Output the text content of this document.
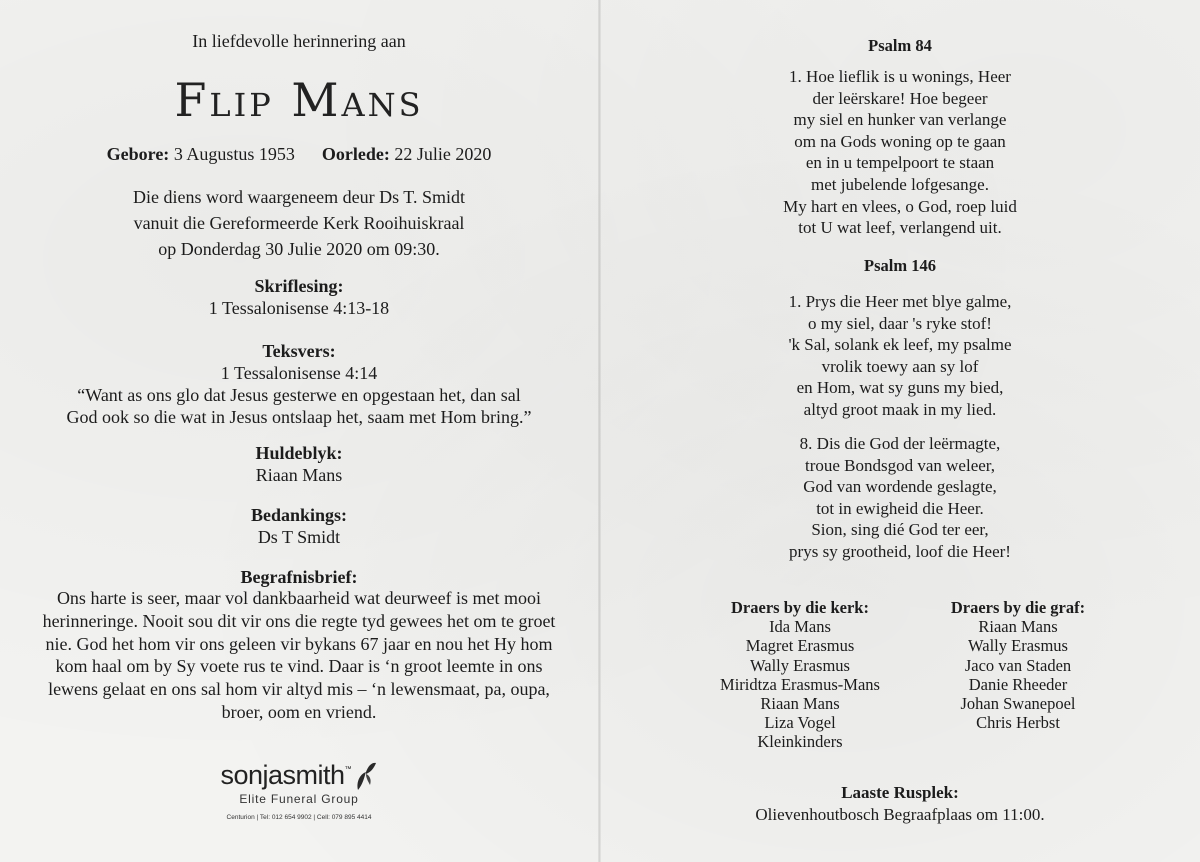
In liefdevolle herinnering aan
Flip Mans
Gebore: 3 Augustus 1953 Oorlede: 22 Julie 2020
Die diens word waargeneem deur Ds T. Smidt
vanuit die Gereformeerde Kerk Rooihuiskraal
op Donderdag 30 Julie 2020 om 09:30.
Skriflesing:
1 Tessalonisense 4:13-18
Teksvers:
1 Tessalonisense 4:14
“Want as ons glo dat Jesus gesterwe en opgestaan het, dan sal
God ook so die wat in Jesus ontslaap het, saam met Hom bring.”
Huldeblyk:
Riaan Mans
Bedankings:
Ds T Smidt
Begrafnisbrief:
Ons harte is seer, maar vol dankbaarheid wat deurweef is met mooi
herinneringe. Nooit sou dit vir ons die regte tyd gewees het om te groet
nie. God het hom vir ons geleen vir bykans 67 jaar en nou het Hy hom
kom haal om by Sy voete rus te vind. Daar is ‘n groot leemte in ons
lewens gelaat en ons sal hom vir altyd mis – ‘n lewensmaat, pa, oupa,
broer, oom en vriend.
sonjasmith ™
Elite Funeral Group
Centurion | Tel: 012 654 9902 | Cell: 079 895 4414
Psalm 84
1. Hoe lieflik is u wonings, Heer
der leërskare! Hoe begeer
my siel en hunker van verlange
om na Gods woning op te gaan
en in u tempelpoort te staan
met jubelende lofgesange.
My hart en vlees, o God, roep luid
tot U wat leef, verlangend uit.
Psalm 146
1. Prys die Heer met blye galme,
o my siel, daar 's ryke stof!
'k Sal, solank ek leef, my psalme
vrolik toewy aan sy lof
en Hom, wat sy guns my bied,
altyd groot maak in my lied.
8. Dis die God der leërmagte,
troue Bondsgod van weleer,
God van wordende geslagte,
tot in ewigheid die Heer.
Sion, sing dié God ter eer,
prys sy grootheid, loof die Heer!
Draers by die kerk:
Ida Mans
Magret Erasmus
Wally Erasmus
Miridtza Erasmus-Mans
Riaan Mans
Liza Vogel
Kleinkinders
Draers by die graf:
Riaan Mans
Wally Erasmus
Jaco van Staden
Danie Rheeder
Johan Swanepoel
Chris Herbst
Laaste Rusplek:
Olievenhoutbosch Begraafplaas om 11:00.
